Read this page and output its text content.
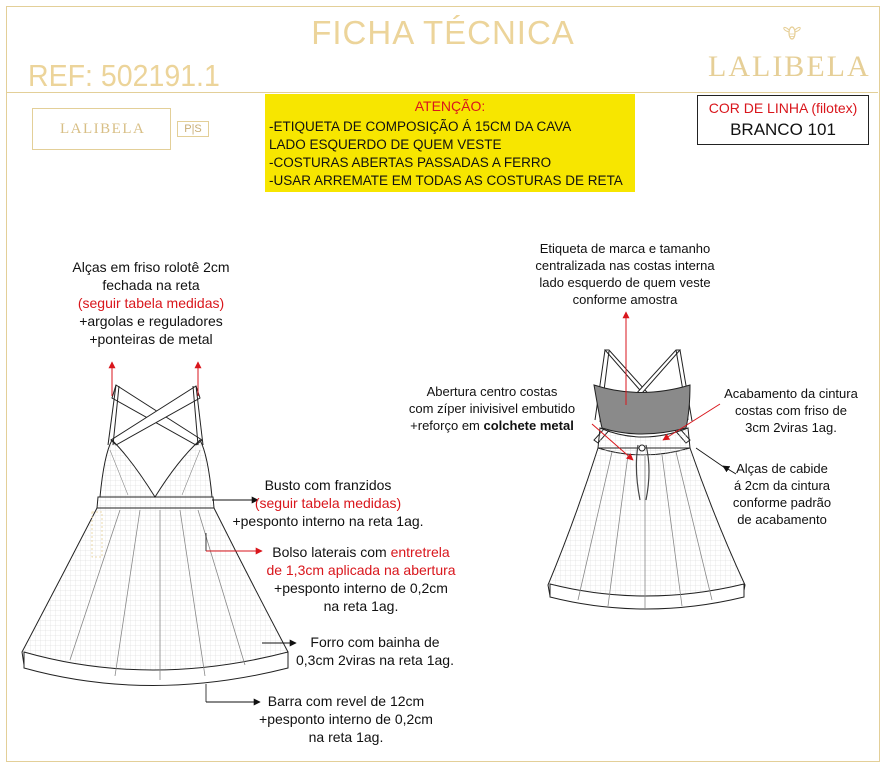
FICHA TÉCNICA
REF: 502191.1	LALIBELA
LALIBELA	P|S
ATENÇÃO:
-ETIQUETA DE COMPOSIÇÃO Á 15CM DA CAVA
LADO ESQUERDO DE QUEM VESTE
-COSTURAS ABERTAS PASSADAS A FERRO
-USAR ARREMATE EM TODAS AS COSTURAS DE RETA
COR DE LINHA (filotex)
BRANCO 101
Alças em friso rolotê 2cm
fechada na reta
(seguir tabela medidas)
+argolas e reguladores
+ponteiras de metal
Busto com franzidos
(seguir tabela medidas)
+pesponto interno na reta 1ag.
Bolso laterais com entretrela
de 1,3cm aplicada na abertura
+pesponto interno de 0,2cm
na reta 1ag.
Forro com bainha de
0,3cm 2viras na reta 1ag.
Barra com revel de 12cm
+pesponto interno de 0,2cm
na reta 1ag.
Etiqueta de marca e tamanho
centralizada nas costas interna
lado esquerdo de quem veste
conforme amostra
Abertura centro costas
com zíper inivisivel embutido
+reforço em colchete metal
Acabamento da cintura
costas com friso de
3cm 2viras 1ag.
Alças de cabide
á 2cm da cintura
conforme padrão
de acabamento
